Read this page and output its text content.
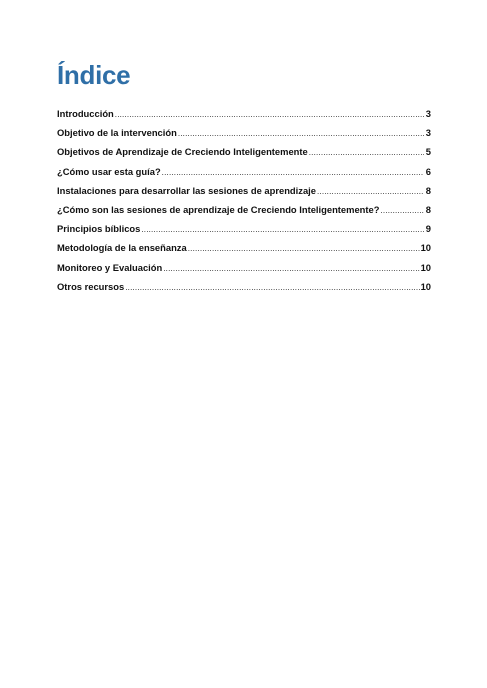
Índice
Introducción .....	3
Objetivo de la intervención .....	3
Objetivos de Aprendizaje de Creciendo Inteligentemente .....	5
¿Cómo usar esta guía? .....	6
Instalaciones para desarrollar las sesiones de aprendizaje .....	8
¿Cómo son las sesiones de aprendizaje de Creciendo Inteligentemente? .....	8
Principios bíblicos .....	9
Metodología de la enseñanza .....	10
Monitoreo y Evaluación .....	10
Otros recursos .....	10
